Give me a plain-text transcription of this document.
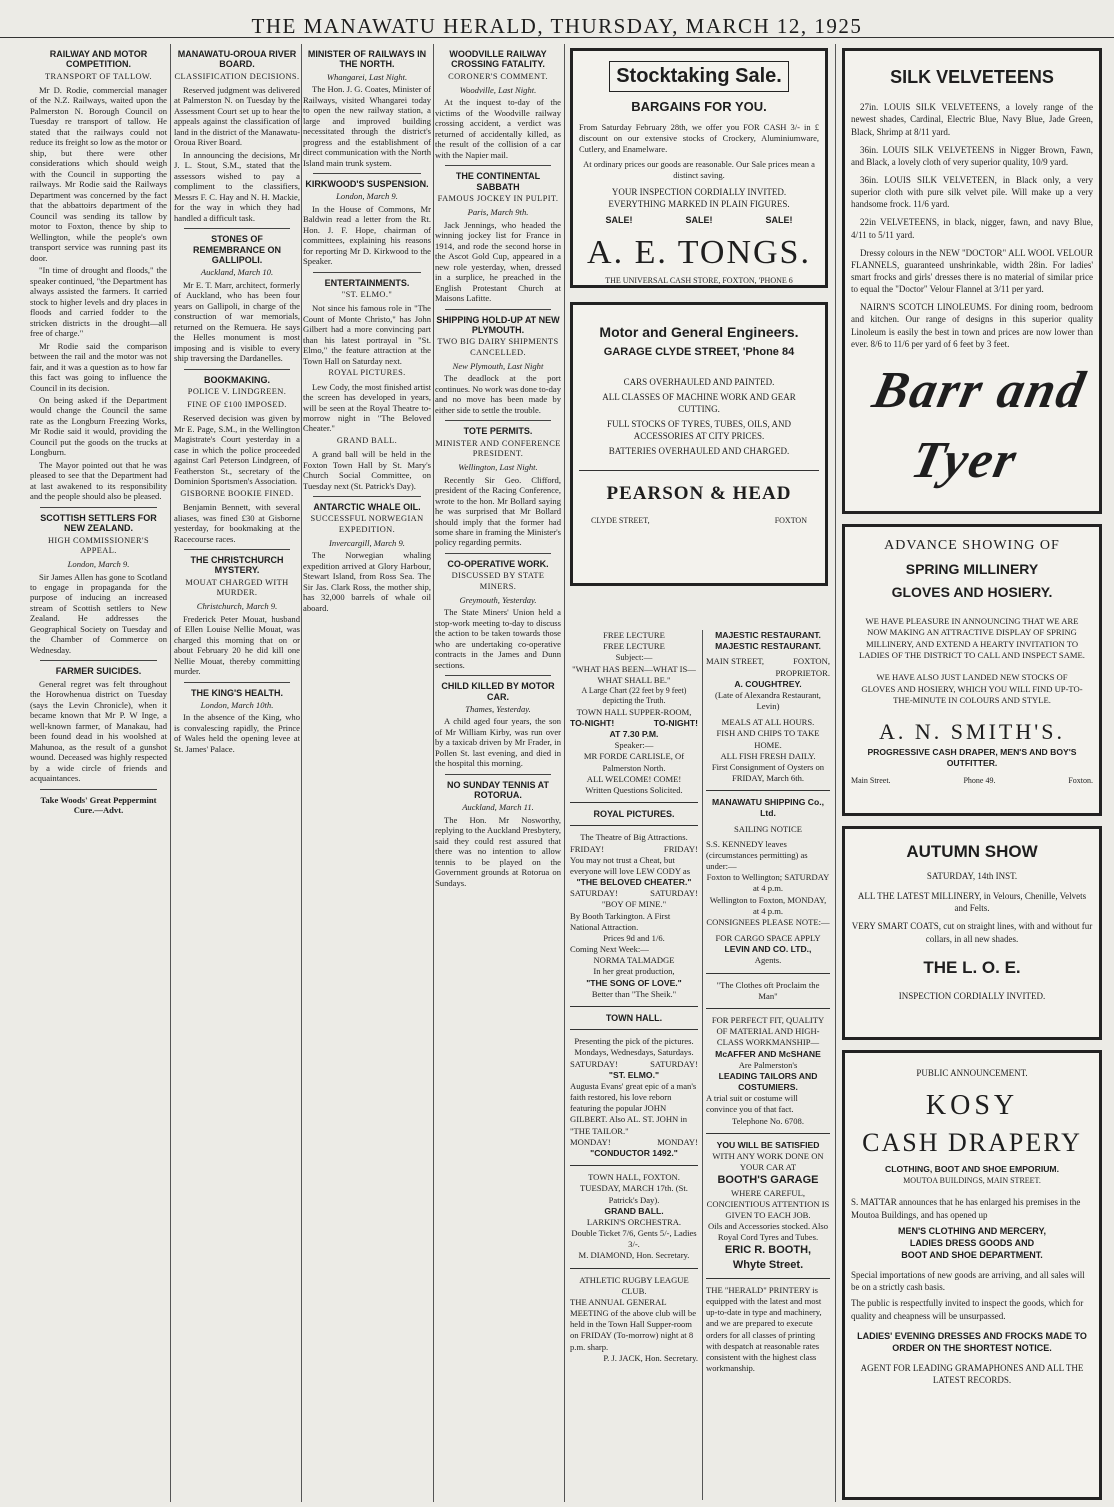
THE MANAWATU HERALD, THURSDAY, MARCH 12, 1925
RAILWAY AND MOTOR COMPETITION.
TRANSPORT OF TALLOW.

Mr D. Rodie, commercial manager of the N.Z. Railways, waited upon the Palmerston N. Borough Council on Tuesday re transport of tallow. He stated that the railways could not reduce its freight so low as the motor or ship, but there were other considerations which should weigh with the Council in supporting the railways. Mr Rodie said the Railways Department was concerned by the fact that the abbattoirs department of the Council was sending its tallow by motor to Foxton, thence by ship to Wellington, while the people's own transport service was running past its door.

"In time of drought and floods," the speaker continued, "the Department has always assisted the farmers. It carried stock to higher levels and dry places in floods and carried fodder to the stricken districts in the drought—all free of charge."

Mr Rodie said the comparison between the rail and the motor was not fair, and it was a question as to how far this fact was going to influence the Council in its decision.

On being asked if the Department would change the Council the same rate as the Longburn Freezing Works, Mr Rodie said it would, providing the Council put the goods on the trucks at Longburn.

The Mayor pointed out that he was pleased to see that the Department had at last awakened to its responsibility and the people should also be pleased.

SCOTTISH SETTLERS FOR NEW ZEALAND.
HIGH COMMISSIONER'S APPEAL.
London, March 9.

Sir James Allen has gone to Scotland to engage in propaganda for the purpose of inducing an increased stream of Scottish settlers to New Zealand. He addresses the Geographical Society on Tuesday and the Chamber of Commerce on Wednesday.

FARMER SUICIDES.

General regret was felt throughout the Horowhenua district on Tuesday (says the Levin Chronicle), when it became known that Mr P. W Inge, a well-known farmer, of Manakau, had been found dead in his woolshed at Mahunoa, as the result of a gunshot wound. Deceased was highly respected by a wide circle of friends and acquaintances.

Take Woods' Great Peppermint Cure.—Advt.

MANAWATU-OROUA RIVER BOARD.
CLASSIFICATION DECISIONS.

Reserved judgment was delivered at Palmerston N. on Tuesday by the Assessment Court set up to hear the appeals against the classification of land in the district of the Manawatu-Oroua River Board.

In announcing the decisions, Mr J. L. Stout, S.M., stated that the assessors wished to pay a compliment to the classifiers, Messrs F. C. Hay and N. H. Mackie, for the way in which they had handled a difficult task.

STONES OF REMEMBRANCE ON GALLIPOLI.
Auckland, March 10.

Mr E. T. Marr, architect, formerly of Auckland, who has been four years on Gallipoli, in charge of the construction of war memorials, returned on the Remuera. He says the Helles monument is most imposing and is visible to every ship traversing the Dardanelles.

BOOKMAKING.
POLICE V. LINDGREEN.
FINE OF £100 IMPOSED.

Reserved decision was given by Mr E. Page, S.M., in the Wellington Magistrate's Court yesterday in a case in which the police proceeded against Carl Peterson Lindgreen, of Featherston St., secretary of the Dominion Sportsmen's Association.

GISBORNE BOOKIE FINED.

Benjamin Bennett, with several aliases, was fined £30 at Gisborne yesterday, for bookmaking at the Racecourse races.

THE CHRISTCHURCH MYSTERY.
MOUAT CHARGED WITH MURDER.
Christchurch, March 9.

Frederick Peter Mouat, husband of Ellen Louise Nellie Mouat, was charged this morning that on or about February 20 he did kill one Nellie Mouat, thereby committing murder.

THE KING'S HEALTH.
London, March 10th.

In the absence of the King, who is convalescing rapidly, the Prince of Wales held the opening levee at St. James' Palace.

MINISTER OF RAILWAYS IN THE NORTH.
Whangarei, Last Night.

The Hon. J. G. Coates, Minister of Railways, visited Whangarei today to open the new railway station, a large and improved building necessitated through the district's progress and the establishment of direct communication with the North Island main trunk system.

KIRKWOOD'S SUSPENSION.
London, March 9.

In the House of Commons, Mr Baldwin read a letter from the Rt. Hon. J. F. Hope, chairman of committees, explaining his reasons for reporting Mr D. Kirkwood to the Speaker.

ENTERTAINMENTS.
"ST. ELMO."

Not since his famous role in "The Count of Monte Christo," has John Gilbert had a more convincing part than his latest portrayal in "St. Elmo," the feature attraction at the Town Hall on Saturday next.

ROYAL PICTURES.

Lew Cody, the most finished artist the screen has developed in years, will be seen at the Royal Theatre to-morrow night in "The Beloved Cheater."

GRAND BALL.

A grand ball will be held in the Foxton Town Hall by St. Mary's Church Social Committee, on Tuesday next (St. Patrick's Day).

ANTARCTIC WHALE OIL.
SUCCESSFUL NORWEGIAN EXPEDITION.
Invercargill, March 9.

The Norwegian whaling expedition arrived at Glory Harbour, Stewart Island, from Ross Sea. The Sir Jas. Clark Ross, the mother ship, has 32,000 barrels of whale oil aboard.

WOODVILLE RAILWAY CROSSING FATALITY.
CORONER'S COMMENT.
Woodville, Last Night.

At the inquest to-day of the victims of the Woodville railway crossing accident, a verdict was returned of accidentally killed, as the result of the collision of a car with the Napier mail.

THE CONTINENTAL SABBATH
FAMOUS JOCKEY IN PULPIT.
Paris, March 9th.

Jack Jennings, who headed the winning jockey list for France in 1914, and rode the second horse in the Ascot Gold Cup, appeared in a new role yesterday, when, dressed in a surplice, he preached in the English Protestant Church at Maisons Lafitte.

SHIPPING HOLD-UP AT NEW PLYMOUTH.
TWO BIG DAIRY SHIPMENTS CANCELLED.
New Plymouth, Last Night

The deadlock at the port continues. No work was done to-day and no move has been made by either side to settle the trouble.

TOTE PERMITS.
MINISTER AND CONFERENCE PRESIDENT.
Wellington, Last Night.

Recently Sir Geo. Clifford, president of the Racing Conference, wrote to the hon. Mr Bollard saying he was surprised that Mr Bollard should imply that the former had some share in framing the Minister's policy regarding permits.

CO-OPERATIVE WORK.
DISCUSSED BY STATE MINERS.
Greymouth, Yesterday.

The State Miners' Union held a stop-work meeting to-day to discuss the action to be taken towards those who are undertaking co-operative contracts in the James and Dunn sections.

CHILD KILLED BY MOTOR CAR.
Thames, Yesterday.

A child aged four years, the son of Mr William Kirby, was run over by a taxicab driven by Mr Frader, in Pollen St. last evening, and died in the hospital this morning.

NO SUNDAY TENNIS AT ROTORUA.
Auckland, March 11.

The Hon. Mr Nosworthy, replying to the Auckland Presbytery, said they could rest assured that there was no intention to allow tennis to be played on the Government grounds at Rotorua on Sundays.

Stocktaking Sale.
BARGAINS FOR YOU.
From Saturday February 28th, we offer you FOR CASH 3/- in £ discount on our extensive stocks of Crockery, Aluminiumware, Cutlery, and Enamelware.
At ordinary prices our goods are reasonable. Our Sale prices mean a distinct saving.
YOUR INSPECTION CORDIALLY INVITED.
EVERYTHING MARKED IN PLAIN FIGURES.
SALE!	SALE!	SALE!
A. E. TONGS.
THE UNIVERSAL CASH STORE, FOXTON, 'PHONE 6
Motor and General Engineers.
GARAGE CLYDE STREET, 'Phone 84
CARS OVERHAULED AND PAINTED.
ALL CLASSES OF MACHINE WORK AND GEAR CUTTING.
FULL STOCKS OF TYRES, TUBES, OILS, AND ACCESSORIES AT CITY PRICES.
BATTERIES OVERHAULED AND CHARGED.
PEARSON & HEAD
CLYDE STREET,	FOXTON
FREE LECTURE
FREE LECTURE
Subject:—
"WHAT HAS BEEN—WHAT IS—WHAT SHALL BE."
A Large Chart (22 feet by 9 feet) depicting the Truth.
TOWN HALL SUPPER-ROOM,
TO-NIGHT!	TO-NIGHT!
AT 7.30 P.M.
Speaker:—
MR FORDE CARLISLE, Of Palmerston North.
ALL WELCOME! COME!
Written Questions Solicited.
ROYAL PICTURES.
The Theatre of Big Attractions.
FRIDAY!	FRIDAY!
You may not trust a Cheat, but everyone will love LEW CODY as
"THE BELOVED CHEATER."
SATURDAY!	SATURDAY!
"BOY OF MINE."
By Booth Tarkington. A First National Attraction.
Prices 9d and 1/6.
Coming Next Week:—
NORMA TALMADGE
In her great production,
"THE SONG OF LOVE."
Better than "The Sheik."
TOWN HALL.
Presenting the pick of the pictures. Mondays, Wednesdays, Saturdays.
SATURDAY!	SATURDAY!
"ST. ELMO."
Augusta Evans' great epic of a man's faith restored, his love reborn featuring the popular JOHN GILBERT. Also AL. ST. JOHN in "THE TAILOR."
MONDAY!	MONDAY!
"CONDUCTOR 1492."
TOWN HALL, FOXTON.
TUESDAY, MARCH 17th. (St. Patrick's Day).
GRAND BALL.
LARKIN'S ORCHESTRA.
Double Ticket 7/6, Gents 5/-, Ladies 3/-.
M. DIAMOND, Hon. Secretary.
ATHLETIC RUGBY LEAGUE CLUB.
THE ANNUAL GENERAL MEETING of the above club will be held in the Town Hall Supper-room on FRIDAY (To-morrow) night at 8 p.m. sharp.
P. J. JACK, Hon. Secretary.
MAJESTIC RESTAURANT.
MAJESTIC RESTAURANT.
MAIN STREET,	FOXTON,
PROPRIETOR.
A. COUGHTREY.
(Late of Alexandra Restaurant, Levin)
MEALS AT ALL HOURS.
FISH AND CHIPS TO TAKE HOME.
ALL FISH FRESH DAILY.
First Consignment of Oysters on FRIDAY, March 6th.
MANAWATU SHIPPING Co., Ltd.
SAILING NOTICE
S.S. KENNEDY leaves (circumstances permitting) as under:—
Foxton to Wellington; SATURDAY at 4 p.m.
Wellington to Foxton, MONDAY, at 4 p.m.
CONSIGNEES PLEASE NOTE:—
FOR CARGO SPACE APPLY
LEVIN AND CO. LTD.,
Agents.
"The Clothes oft Proclaim the Man"
FOR PERFECT FIT, QUALITY OF MATERIAL AND HIGH-CLASS WORKMANSHIP—
McAFFER AND McSHANE
Are Palmerston's
LEADING TAILORS AND COSTUMIERS.
A trial suit or costume will convince you of that fact.
Telephone No. 6708.
YOU WILL BE SATISFIED
WITH ANY WORK DONE ON YOUR CAR AT
BOOTH'S GARAGE
WHERE CAREFUL, CONCIENTIOUS ATTENTION IS GIVEN TO EACH JOB.
Oils and Accessories stocked. Also Royal Cord Tyres and Tubes.
ERIC R. BOOTH,
Whyte Street.
THE "HERALD" PRINTERY is equipped with the latest and most up-to-date in type and machinery, and we are prepared to execute orders for all classes of printing with despatch at reasonable rates consistent with the highest class workmanship.
SILK VELVETEENS

27in. LOUIS SILK VELVETEENS, a lovely range of the newest shades, Cardinal, Electric Blue, Navy Blue, Jade Green, Black, Shrimp at 8/11 yard.

36in. LOUIS SILK VELVETEENS in Nigger Brown, Fawn, and Black, a lovely cloth of very superior quality, 10/9 yard.

36in. LOUIS SILK VELVETEEN, in Black only, a very superior cloth with pure silk velvet pile. Will make up a very handsome frock. 11/6 yard.

22in VELVETEENS, in black, nigger, fawn, and navy Blue, 4/11 to 5/11 yard.

Dressy colours in the NEW "DOCTOR" ALL WOOL VELOUR FLANNELS, guaranteed unshrinkable, width 28in. For ladies' smart frocks and girls' dresses there is no material of similar price to equal the "Doctor" Velour Flannel at 3/11 per yard.

NAIRN'S SCOTCH LINOLEUMS. For dining room, bedroom and kitchen. Our range of designs in this superior quality Linoleum is easily the best in town and prices are now lower than ever. 8/6 to 11/6 per yard of 6 feet by 3 feet.

Barr and Tyer
ADVANCE SHOWING OF
SPRING MILLINERY
GLOVES AND HOSIERY.
WE HAVE PLEASURE IN ANNOUNCING THAT WE ARE NOW MAKING AN ATTRACTIVE DISPLAY OF SPRING MILLINERY, AND EXTEND A HEARTY INVITATION TO LADIES OF THE DISTRICT TO CALL AND INSPECT SAME.
WE HAVE ALSO JUST LANDED NEW STOCKS OF GLOVES AND HOSIERY, WHICH YOU WILL FIND UP-TO-THE-MINUTE IN COLOURS AND STYLE.
A. N. SMITH'S.
PROGRESSIVE CASH DRAPER, MEN'S AND BOY'S OUTFITTER.
Main Street.	Phone 49.	Foxton.
AUTUMN SHOW
SATURDAY, 14th INST.
ALL THE LATEST MILLINERY, in Velours, Chenille, Velvets and Felts.
VERY SMART COATS, cut on straight lines, with and without fur collars, in all new shades.
THE L. O. E.
INSPECTION CORDIALLY INVITED.
PUBLIC ANNOUNCEMENT.
KOSY
CASH DRAPERY
CLOTHING, BOOT AND SHOE EMPORIUM.
MOUTOA BUILDINGS, MAIN STREET.
S. MATTAR announces that he has enlarged his premises in the Moutoa Buildings, and has opened up
MEN'S CLOTHING AND MERCERY,
LADIES DRESS GOODS AND
BOOT AND SHOE DEPARTMENT.
Special importations of new goods are arriving, and all sales will be on a strictly cash basis.
The public is respectfully invited to inspect the goods, which for quality and cheapness will be unsurpassed.
LADIES' EVENING DRESSES AND FROCKS MADE TO ORDER ON THE SHORTEST NOTICE.
AGENT FOR LEADING GRAMAPHONES AND ALL THE LATEST RECORDS.
